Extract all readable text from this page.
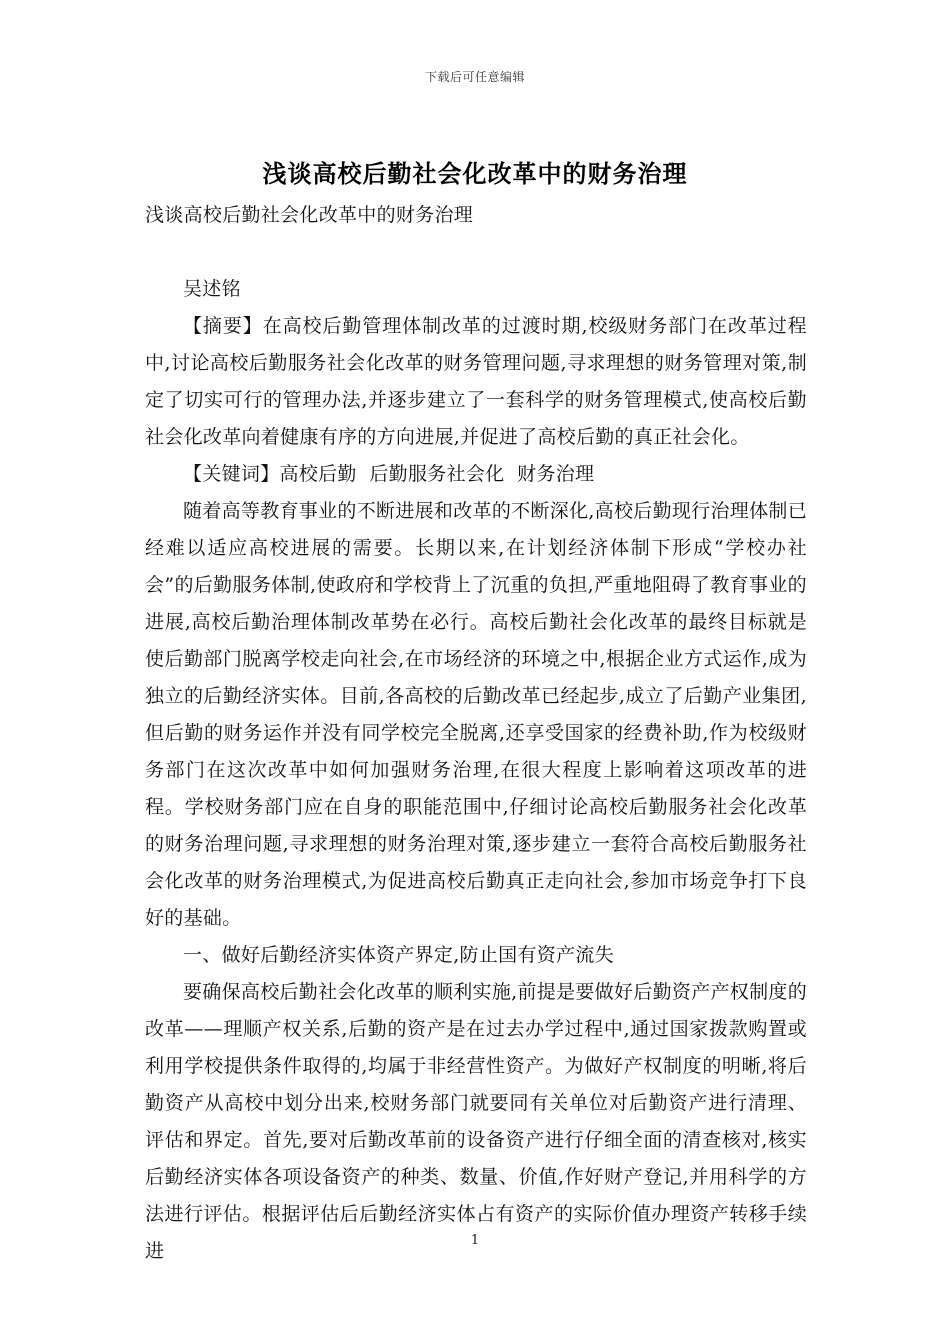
下载后可任意编辑
浅谈高校后勤社会化改革中的财务治理

浅谈高校后勤社会化改革中的财务治理

吴述铭

【摘要】在高校后勤管理体制改革的过渡时期,校级财务部门在改革过程中,讨论高校后勤服务社会化改革的财务管理问题,寻求理想的财务管理对策,制定了切实可行的管理办法,并逐步建立了一套科学的财务管理模式,使高校后勤社会化改革向着健康有序的方向进展,并促进了高校后勤的真正社会化。

【关键词】高校后勤  后勤服务社会化  财务治理

随着高等教育事业的不断进展和改革的不断深化,高校后勤现行治理体制已经难以适应高校进展的需要。长期以来,在计划经济体制下形成“学校办社会”的后勤服务体制,使政府和学校背上了沉重的负担,严重地阻碍了教育事业的进展,高校后勤治理体制改革势在必行。高校后勤社会化改革的最终目标就是使后勤部门脱离学校走向社会,在市场经济的环境之中,根据企业方式运作,成为独立的后勤经济实体。目前,各高校的后勤改革已经起步,成立了后勤产业集团,但后勤的财务运作并没有同学校完全脱离,还享受国家的经费补助,作为校级财务部门在这次改革中如何加强财务治理,在很大程度上影响着这项改革的进程。学校财务部门应在自身的职能范围中,仔细讨论高校后勤服务社会化改革的财务治理问题,寻求理想的财务治理对策,逐步建立一套符合高校后勤服务社会化改革的财务治理模式,为促进高校后勤真正走向社会,参加市场竞争打下良好的基础。

一、做好后勤经济实体资产界定,防止国有资产流失

要确保高校后勤社会化改革的顺利实施,前提是要做好后勤资产产权制度的改革——理顺产权关系,后勤的资产是在过去办学过程中,通过国家拨款购置或利用学校提供条件取得的,均属于非经营性资产。为做好产权制度的明晰,将后勤资产从高校中划分出来,校财务部门就要同有关单位对后勤资产进行清理、评估和界定。首先,要对后勤改革前的设备资产进行仔细全面的清查核对,核实后勤经济实体各项设备资产的种类、数量、价值,作好财产登记,并用科学的方法进行评估。根据评估后后勤经济实体占有资产的实际价值办理资产转移手续进	1
